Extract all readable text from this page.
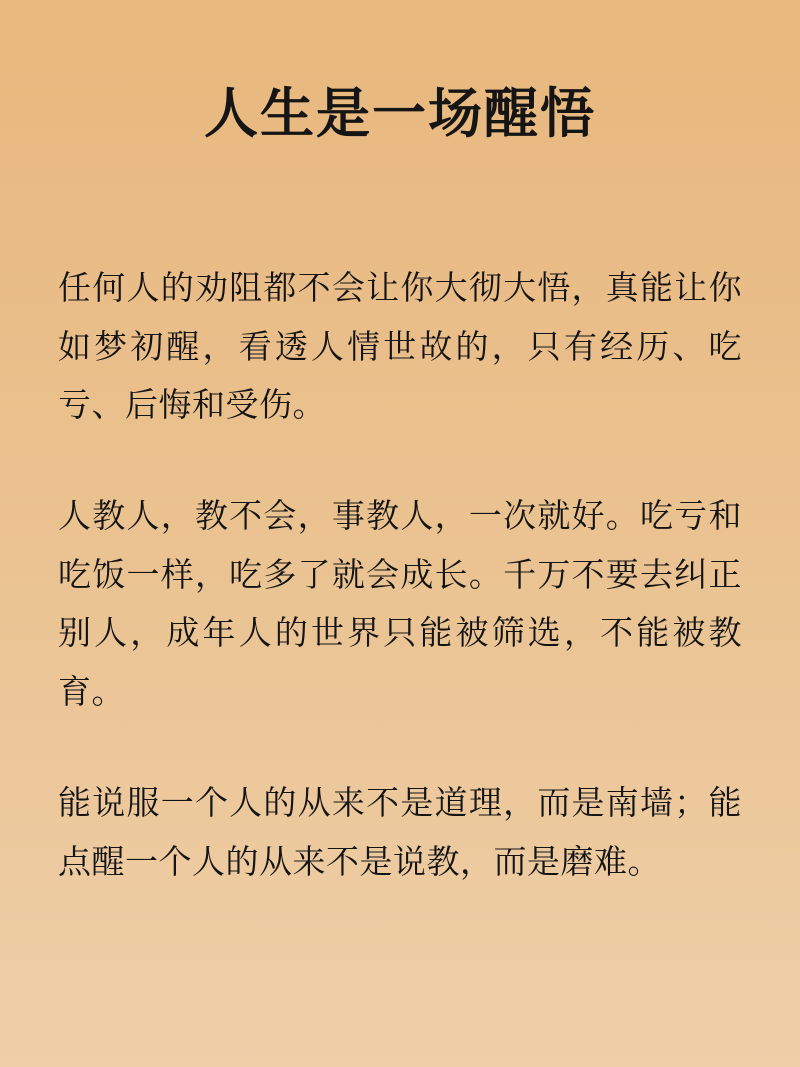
人生是一场醒悟

任何人的劝阻都不会让你大彻大悟，真能让你如梦初醒，看透人情世故的，只有经历、吃亏、后悔和受伤。

人教人，教不会，事教人，一次就好。吃亏和吃饭一样，吃多了就会成长。千万不要去纠正别人，成年人的世界只能被筛选，不能被教育。

能说服一个人的从来不是道理，而是南墙；能点醒一个人的从来不是说教，而是磨难。
